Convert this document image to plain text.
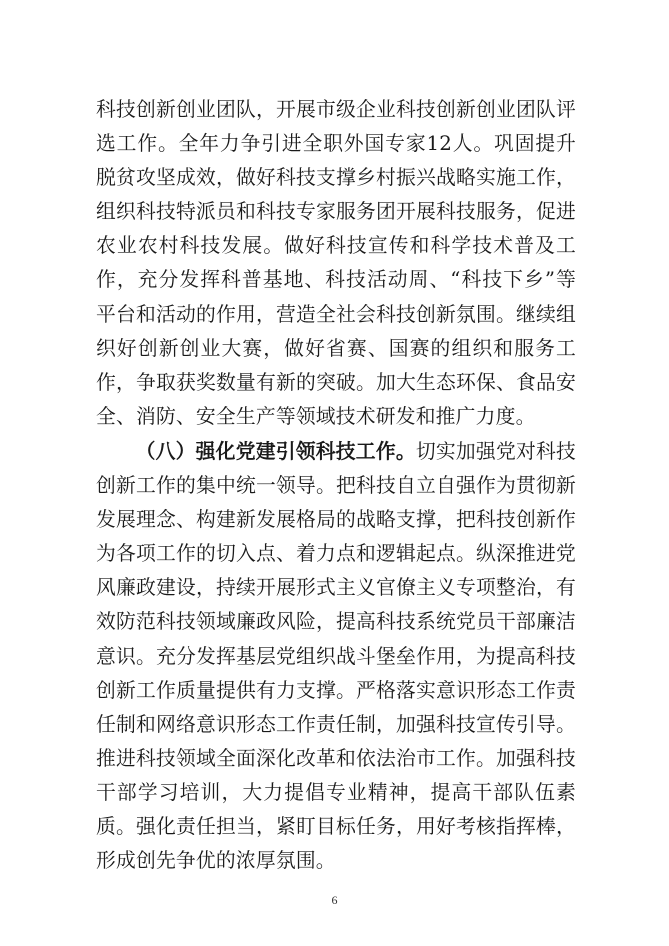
科技创新创业团队，开展市级企业科技创新创业团队评选工作。全年力争引进全职外国专家12人。巩固提升脱贫攻坚成效，做好科技支撑乡村振兴战略实施工作，组织科技特派员和科技专家服务团开展科技服务，促进农业农村科技发展。做好科技宣传和科学技术普及工作，充分发挥科普基地、科技活动周、“科技下乡”等平台和活动的作用，营造全社会科技创新氛围。继续组织好创新创业大赛，做好省赛、国赛的组织和服务工作，争取获奖数量有新的突破。加大生态环保、食品安全、消防、安全生产等领域技术研发和推广力度。

（八）强化党建引领科技工作。切实加强党对科技创新工作的集中统一领导。把科技自立自强作为贯彻新发展理念、构建新发展格局的战略支撑，把科技创新作为各项工作的切入点、着力点和逻辑起点。纵深推进党风廉政建设，持续开展形式主义官僚主义专项整治，有效防范科技领域廉政风险，提高科技系统党员干部廉洁意识。充分发挥基层党组织战斗堡垒作用，为提高科技创新工作质量提供有力支撑。严格落实意识形态工作责任制和网络意识形态工作责任制，加强科技宣传引导。推进科技领域全面深化改革和依法治市工作。加强科技干部学习培训，大力提倡专业精神，提高干部队伍素质。强化责任担当，紧盯目标任务，用好考核指挥棒，形成创先争优的浓厚氛围。

6
